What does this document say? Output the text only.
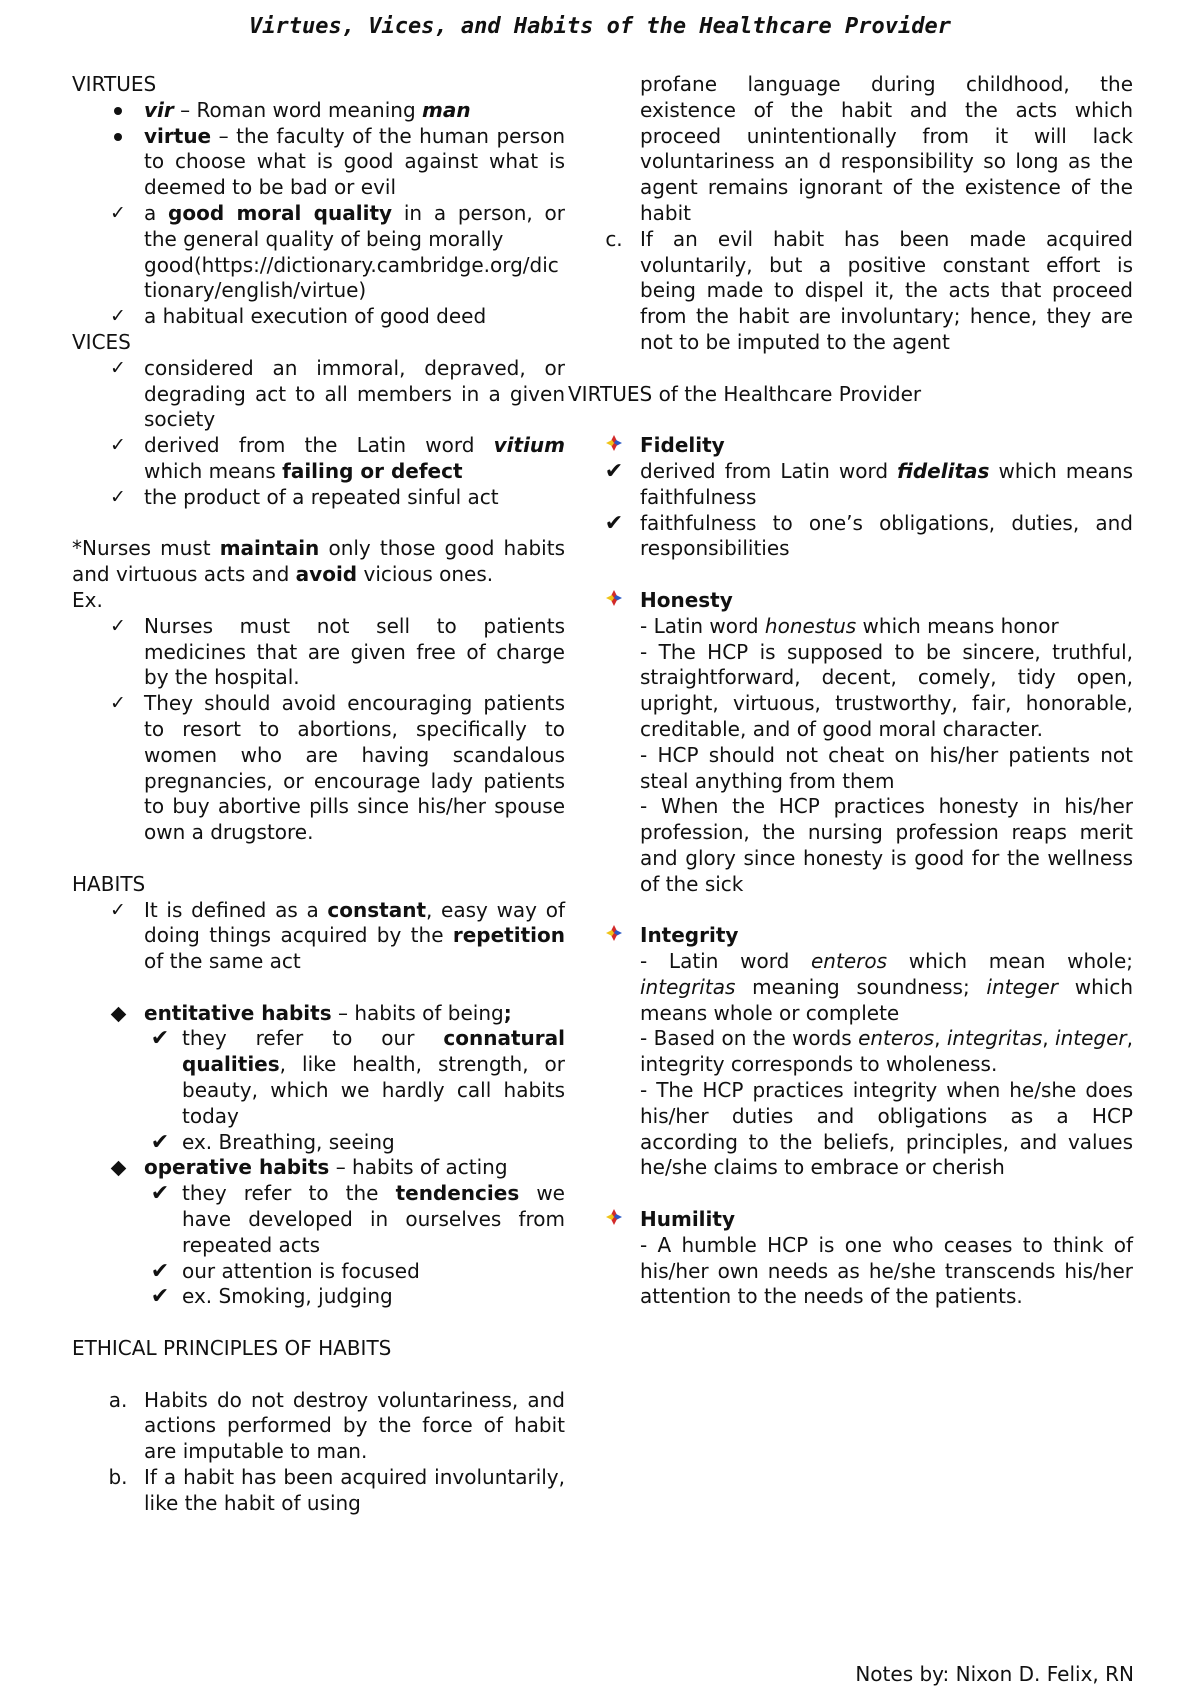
Virtues, Vices, and Habits of the Healthcare Provider

VIRTUES

vir – Roman word meaning man
virtue – the faculty of the human person to choose what is good against what is deemed to be bad or evil
✓ a good moral quality in a person, or the general quality of being morally
good(https://dictionary.cambridge.org/dictionary/english/virtue)
✓ a habitual execution of good deed

VICES

✓ considered an immoral, depraved, or degrading act to all members in a given society
✓ derived from the Latin word vitium which means failing or defect
✓ the product of a repeated sinful act

*Nurses must maintain only those good habits and virtuous acts and avoid vicious ones.

Ex.

✓ Nurses must not sell to patients medicines that are given free of charge by the hospital.
✓ They should avoid encouraging patients to resort to abortions, specifically to women who are having scandalous pregnancies, or encourage lady patients to buy abortive pills since his/her spouse own a drugstore.

HABITS

✓ It is defined as a constant, easy way of doing things acquired by the repetition of the same act
entitative habits – habits of being;
✔ they refer to our connatural qualities, like health, strength, or beauty, which we hardly call habits today
✔ ex. Breathing, seeing
operative habits – habits of acting
✔ they refer to the tendencies we have developed in ourselves from repeated acts
✔ our attention is focused
✔ ex. Smoking, judging

ETHICAL PRINCIPLES OF HABITS

a. Habits do not destroy voluntariness, and actions performed by the force of habit are imputable to man.
b. If a habit has been acquired involuntarily, like the habit of using
profane language during childhood, the existence of the habit and the acts which proceed unintentionally from it will lack voluntariness an d responsibility so long as the agent remains ignorant of the existence of the habit
c. If an evil habit has been made acquired voluntarily, but a positive constant effort is being made to dispel it, the acts that proceed from the habit are involuntary; hence, they are not to be imputed to the agent

VIRTUES of the Healthcare Provider

Fidelity
✔ derived from Latin word fidelitas which means faithfulness
✔ faithfulness to one’s obligations, duties, and responsibilities
Honesty
- Latin word honestus which means honor
- The HCP is supposed to be sincere, truthful, straightforward, decent, comely, tidy open, upright, virtuous, trustworthy, fair, honorable, creditable, and of good moral character.
- HCP should not cheat on his/her patients not steal anything from them
- When the HCP practices honesty in his/her profession, the nursing profession reaps merit and glory since honesty is good for the wellness of the sick
Integrity
- Latin word enteros which mean whole; integritas meaning soundness; integer which means whole or complete
- Based on the words enteros, integritas, integer, integrity corresponds to wholeness.
- The HCP practices integrity when he/she does his/her duties and obligations as a HCP according to the beliefs, principles, and values he/she claims to embrace or cherish
Humility
- A humble HCP is one who ceases to think of his/her own needs as he/she transcends his/her attention to the needs of the patients.
Notes by: Nixon D. Felix, RN
